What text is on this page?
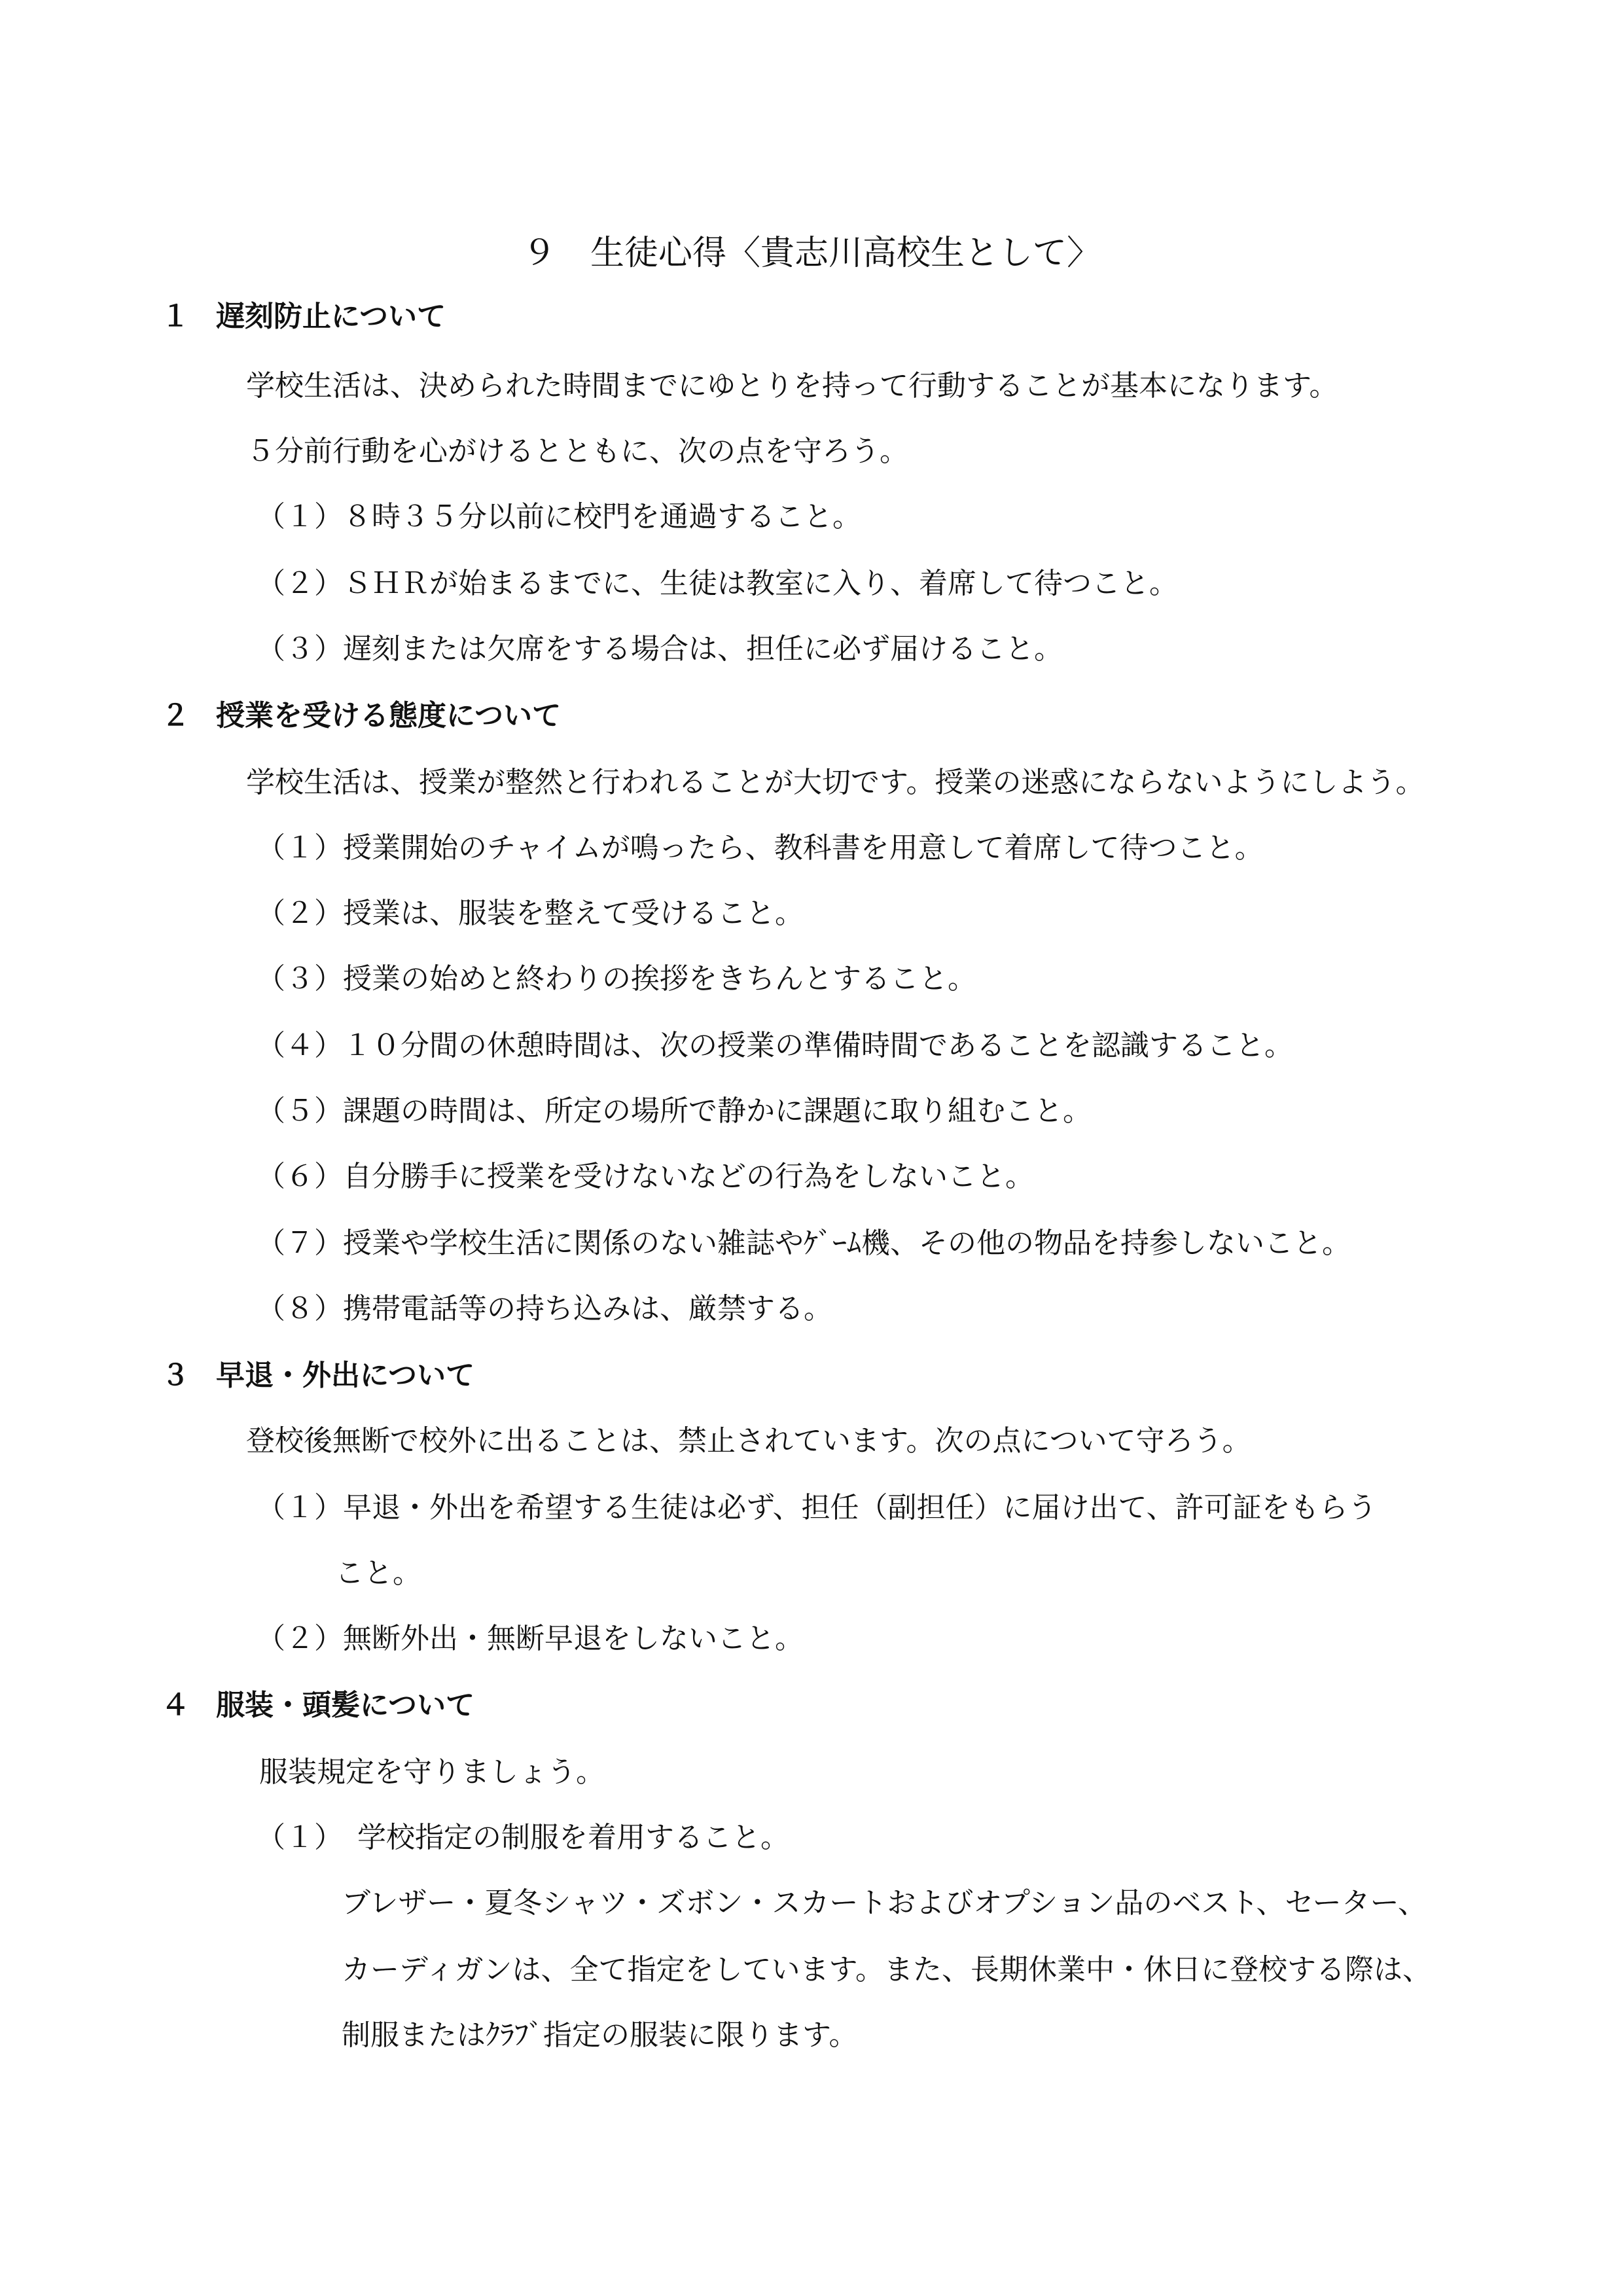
９　生徒心得〈貴志川高校生として〉
１ 遅刻防止について
学校生活は、決められた時間までにゆとりを持って行動することが基本になります。
５分前行動を心がけるとともに、次の点を守ろう。
（１）８時３５分以前に校門を通過すること。
（２）ＳＨＲが始まるまでに、生徒は教室に入り、着席して待つこと。
（３）遅刻または欠席をする場合は、担任に必ず届けること。
２ 授業を受ける態度について
学校生活は、授業が整然と行われることが大切です。授業の迷惑にならないようにしよう。
（１）授業開始のチャイムが鳴ったら、教科書を用意して着席して待つこと。
（２）授業は、服装を整えて受けること。
（３）授業の始めと終わりの挨拶をきちんとすること。
（４）１０分間の休憩時間は、次の授業の準備時間であることを認識すること。
（５）課題の時間は、所定の場所で静かに課題に取り組むこと。
（６）自分勝手に授業を受けないなどの行為をしないこと。
（７）授業や学校生活に関係のない雑誌やｹﾞｰﾑ機、その他の物品を持参しないこと。
（８）携帯電話等の持ち込みは、厳禁する。
３ 早退・外出について
登校後無断で校外に出ることは、禁止されています。次の点について守ろう。
（１）早退・外出を希望する生徒は必ず、担任（副担任）に届け出て、許可証をもらう
こと。
（２）無断外出・無断早退をしないこと。
４ 服装・頭髪について
服装規定を守りましょう。
（１）　学校指定の制服を着用すること。
ブレザー・夏冬シャツ・ズボン・スカートおよびオプション品のベスト、セーター、
カーディガンは、全て指定をしています。また、長期休業中・休日に登校する際は、
制服またはｸﾗﾌﾞ指定の服装に限ります。
